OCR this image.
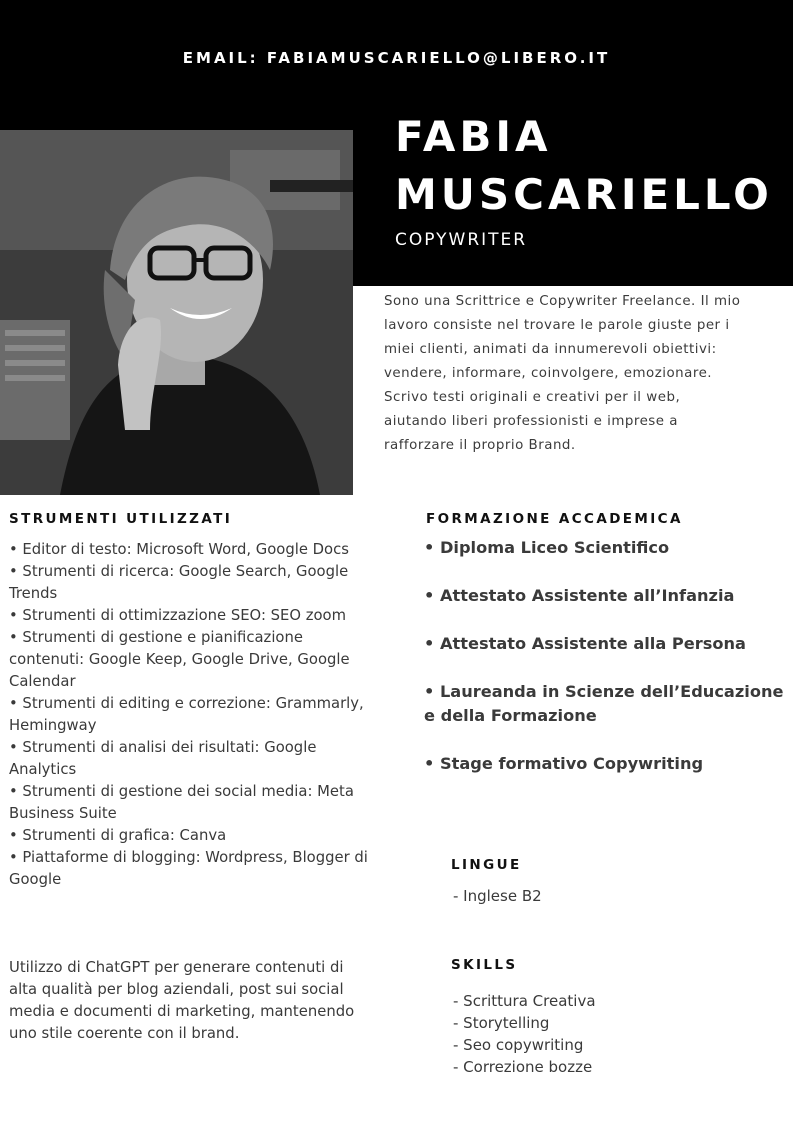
EMAIL: FABIAMUSCARIELLO@LIBERO.IT
FABIA
MUSCARIELLO
COPYWRITER
Sono una Scrittrice e Copywriter Freelance. Il mio
lavoro consiste nel trovare le parole giuste per i
miei clienti, animati da innumerevoli obiettivi:
vendere, informare, coinvolgere, emozionare.
Scrivo testi originali e creativi per il web,
aiutando liberi professionisti e imprese a
rafforzare il proprio Brand.
STRUMENTI UTILIZZATI
• Editor di testo: Microsoft Word, Google Docs
• Strumenti di ricerca: Google Search, Google Trends
• Strumenti di ottimizzazione SEO: SEO zoom
• Strumenti di gestione e pianificazione contenuti: Google Keep, Google Drive, Google Calendar
• Strumenti di editing e correzione: Grammarly, Hemingway
• Strumenti di analisi dei risultati: Google Analytics
• Strumenti di gestione dei social media: Meta Business Suite
• Strumenti di grafica: Canva
• Piattaforme di blogging: Wordpress, Blogger di Google

Utilizzo di ChatGPT per generare contenuti di alta qualità per blog aziendali, post sui social media e documenti di marketing, mantenendo uno stile coerente con il brand.

FORMAZIONE ACCADEMICA
• Diploma Liceo Scientifico
• Attestato Assistente all’Infanzia
• Attestato Assistente alla Persona
• Laureanda in Scienze dell’Educazione e della Formazione
• Stage formativo Copywriting
LINGUE
- Inglese B2
SKILLS
- Scrittura Creativa
- Storytelling
- Seo copywriting
- Correzione bozze
